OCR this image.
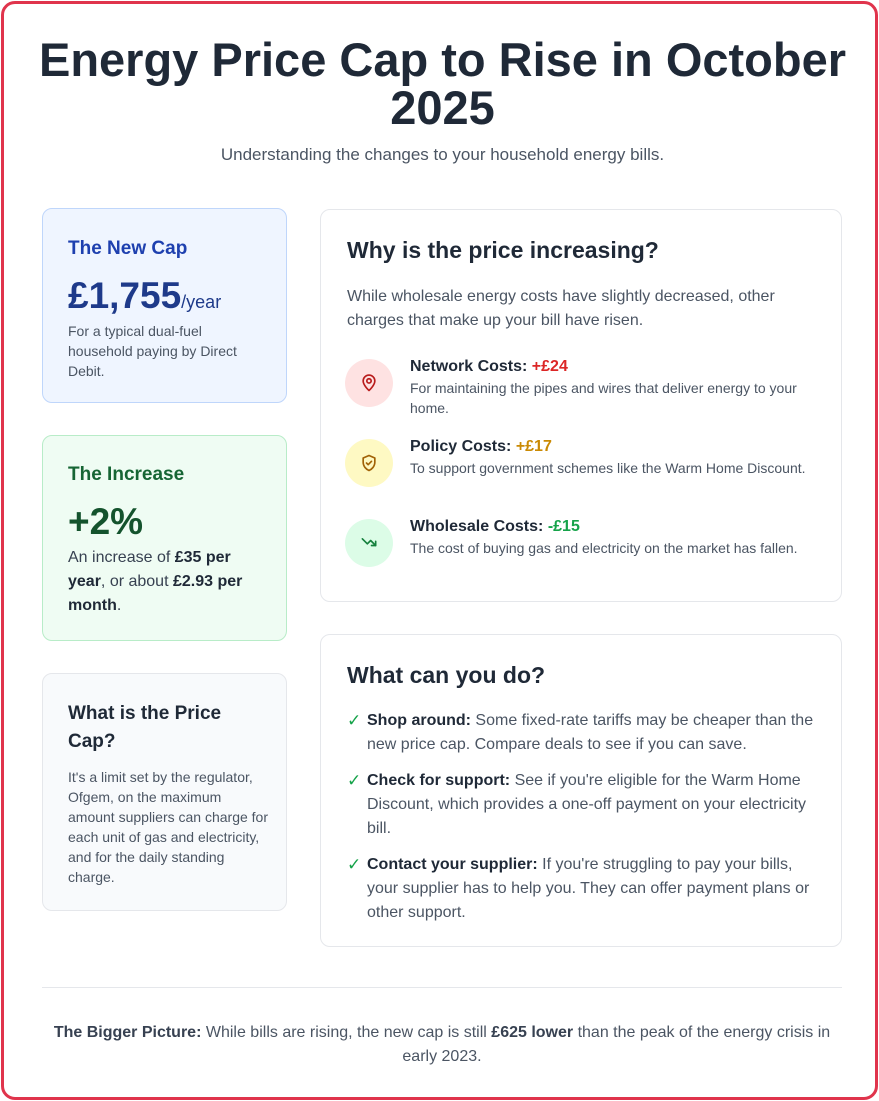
Energy Price Cap to Rise in October 2025

Understanding the changes to your household energy bills.

The New Cap
£1,755/year
For a typical dual-fuel household paying by Direct Debit.
The Increase
+2%
An increase of £35 per year, or about £2.93 per month.
What is the Price Cap?
It's a limit set by the regulator, Ofgem, on the maximum amount suppliers can charge for each unit of gas and electricity, and for the daily standing charge.
Why is the price increasing?

While wholesale energy costs have slightly decreased, other charges that make up your bill have risen.

Network Costs: +£24
For maintaining the pipes and wires that deliver energy to your home.
Policy Costs: +£17
To support government schemes like the Warm Home Discount.
Wholesale Costs: -£15
The cost of buying gas and electricity on the market has fallen.
What can you do?
✓ Shop around: Some fixed-rate tariffs may be cheaper than the new price cap. Compare deals to see if you can save.
✓ Check for support: See if you're eligible for the Warm Home Discount, which provides a one-off payment on your electricity bill.
✓ Contact your supplier: If you're struggling to pay your bills, your supplier has to help you. They can offer payment plans or other support.

The Bigger Picture: While bills are rising, the new cap is still £625 lower than the peak of the energy crisis in early 2023.
